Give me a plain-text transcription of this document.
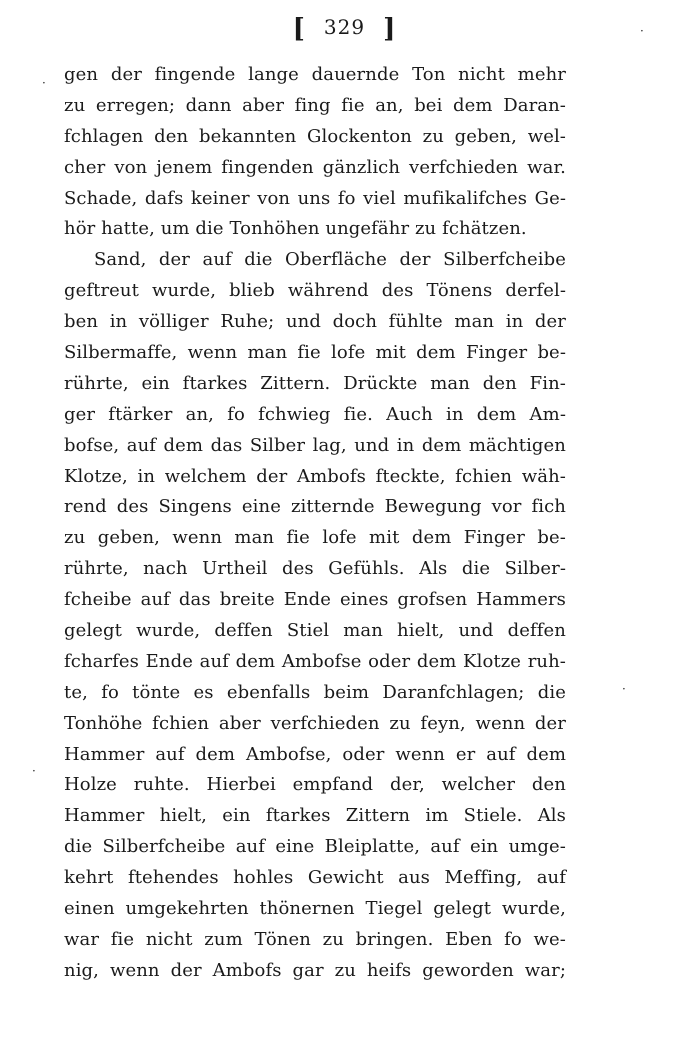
[ 329 ]
gen der fingende lange dauernde Ton nicht mehr
zu erregen; dann aber fing fie an, bei dem Daran-
fchlagen den bekannten Glockenton zu geben, wel-
cher von jenem fingenden gänzlich verfchieden war.
Schade, dafs keiner von uns fo viel mufikalifches Ge-
hör hatte, um die Tonhöhen ungefähr zu fchätzen.
Sand, der auf die Oberfläche der Silberfcheibe
geftreut wurde, blieb während des Tönens derfel-
ben in völliger Ruhe; und doch fühlte man in der
Silbermaffe, wenn man fie lofe mit dem Finger be-
rührte, ein ftarkes Zittern. Drückte man den Fin-
ger ftärker an, fo fchwieg fie. Auch in dem Am-
bofse, auf dem das Silber lag, und in dem mächtigen
Klotze, in welchem der Ambofs fteckte, fchien wäh-
rend des Singens eine zitternde Bewegung vor fich
zu geben, wenn man fie lofe mit dem Finger be-
rührte, nach Urtheil des Gefühls. Als die Silber-
fcheibe auf das breite Ende eines grofsen Hammers
gelegt wurde, deffen Stiel man hielt, und deffen
fcharfes Ende auf dem Ambofse oder dem Klotze ruh-
te, fo tönte es ebenfalls beim Daranfchlagen; die
Tonhöhe fchien aber verfchieden zu feyn, wenn der
Hammer auf dem Ambofse, oder wenn er auf dem
Holze ruhte. Hierbei empfand der, welcher den
Hammer hielt, ein ftarkes Zittern im Stiele. Als
die Silberfcheibe auf eine Bleiplatte, auf ein umge-
kehrt ftehendes hohles Gewicht aus Meffing, auf
einen umgekehrten thönernen Tiegel gelegt wurde,
war fie nicht zum Tönen zu bringen. Eben fo we-
nig, wenn der Ambofs gar zu heifs geworden war;
·
·
·
·
